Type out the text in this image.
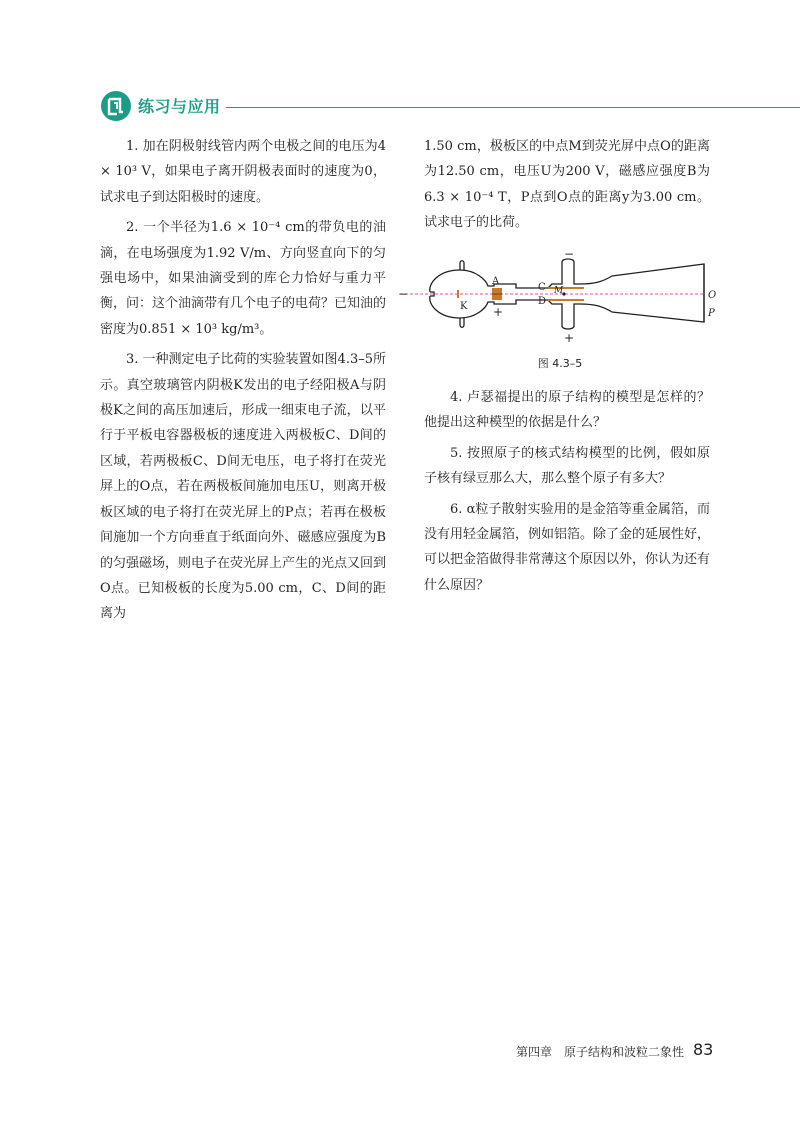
练习与应用

1. 加在阴极射线管内两个电极之间的电压为4 × 10³ V，如果电子离开阴极表面时的速度为0，试求电子到达阳极时的速度。

2. 一个半径为1.6 × 10⁻⁴ cm的带负电的油滴，在电场强度为1.92 V/m、方向竖直向下的匀强电场中，如果油滴受到的库仑力恰好与重力平衡，问：这个油滴带有几个电子的电荷？已知油的密度为0.851 × 10³ kg/m³。

3. 一种测定电子比荷的实验装置如图4.3–5所示。真空玻璃管内阴极K发出的电子经阳极A与阴极K之间的高压加速后，形成一细束电子流，以平行于平板电容器极板的速度进入两极板C、D间的区域，若两极板C、D间无电压，电子将打在荧光屏上的O点，若在两极板间施加电压U，则离开极板区域的电子将打在荧光屏上的P点；若再在极板间施加一个方向垂直于纸面向外、磁感应强度为B的匀强磁场，则电子在荧光屏上产生的光点又回到O点。已知极板的长度为5.00 cm，C、D间的距离为

1.50 cm，极板区的中点M到荧光屏中点O的距离为12.50 cm，电压U为200 V，磁感应强度B为6.3 × 10⁻⁴ T，P点到O点的距离y为3.00 cm。试求电子的比荷。

−
K
A
+
C M
D
−
+
O
P
图 4.3–5

4. 卢瑟福提出的原子结构的模型是怎样的？他提出这种模型的依据是什么？

5. 按照原子的核式结构模型的比例，假如原子核有绿豆那么大，那么整个原子有多大？

6. α粒子散射实验用的是金箔等重金属箔，而没有用轻金属箔，例如铝箔。除了金的延展性好，可以把金箔做得非常薄这个原因以外，你认为还有什么原因？

第四章　原子结构和波粒二象性 83
